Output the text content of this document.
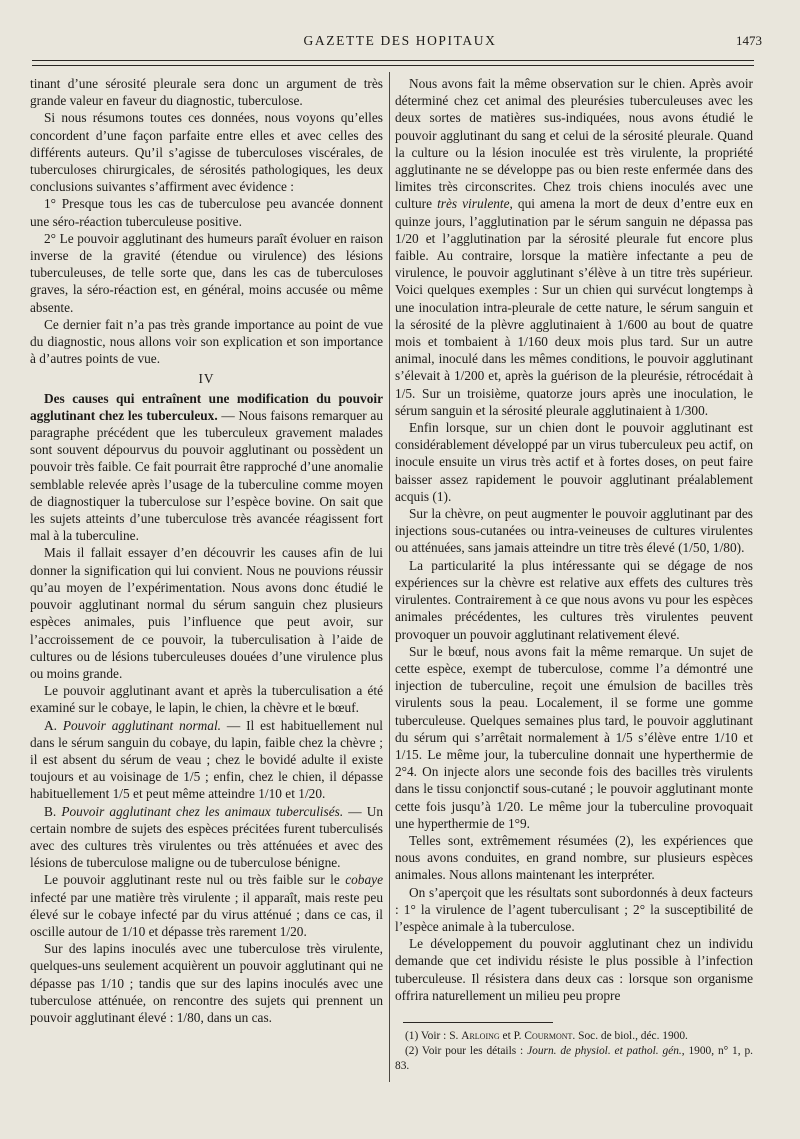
GAZETTE DES HOPITAUX	1473

tinant d’une sérosité pleurale sera donc un argument de très grande valeur en faveur du diagnostic, tuberculose.

Si nous résumons toutes ces données, nous voyons qu’elles concordent d’une façon parfaite entre elles et avec celles des différents auteurs. Qu’il s’agisse de tuberculoses viscérales, de tuberculoses chirurgicales, de sérosités pathologiques, les deux conclusions suivantes s’affirment avec évidence :

1° Presque tous les cas de tuberculose peu avancée donnent une séro-réaction tuberculeuse positive.

2° Le pouvoir agglutinant des humeurs paraît évoluer en raison inverse de la gravité (étendue ou virulence) des lésions tuberculeuses, de telle sorte que, dans les cas de tuberculoses graves, la séro-réaction est, en général, moins accusée ou même absente.

Ce dernier fait n’a pas très grande importance au point de vue du diagnostic, nous allons voir son explication et son importance à d’autres points de vue.

IV

Des causes qui entraînent une modification du pouvoir agglutinant chez les tuberculeux. — Nous faisons remarquer au paragraphe précédent que les tuberculeux gravement malades sont souvent dépourvus du pouvoir agglutinant ou possèdent un pouvoir très faible. Ce fait pourrait être rapproché d’une anomalie semblable relevée après l’usage de la tuberculine comme moyen de diagnostiquer la tuberculose sur l’espèce bovine. On sait que les sujets atteints d’une tuberculose très avancée réagissent fort mal à la tuberculine.

Mais il fallait essayer d’en découvrir les causes afin de lui donner la signification qui lui convient. Nous ne pouvions réussir qu’au moyen de l’expérimentation. Nous avons donc étudié le pouvoir agglutinant normal du sérum sanguin chez plusieurs espèces animales, puis l’influence que peut avoir, sur l’accroissement de ce pouvoir, la tuberculisation à l’aide de cultures ou de lésions tuberculeuses douées d’une virulence plus ou moins grande.

Le pouvoir agglutinant avant et après la tuberculisation a été examiné sur le cobaye, le lapin, le chien, la chèvre et le bœuf.

A. Pouvoir agglutinant normal. — Il est habituellement nul dans le sérum sanguin du cobaye, du lapin, faible chez la chèvre ; il est absent du sérum de veau ; chez le bovidé adulte il existe toujours et au voisinage de 1/5 ; enfin, chez le chien, il dépasse habituellement 1/5 et peut même atteindre 1/10 et 1/20.

B. Pouvoir agglutinant chez les animaux tuberculisés. — Un certain nombre de sujets des espèces précitées furent tuberculisés avec des cultures très virulentes ou très atténuées et avec des lésions de tuberculose maligne ou de tuberculose bénigne.

Le pouvoir agglutinant reste nul ou très faible sur le cobaye infecté par une matière très virulente ; il apparaît, mais reste peu élevé sur le cobaye infecté par du virus atténué ; dans ce cas, il oscille autour de 1/10 et dépasse très rarement 1/20.

Sur des lapins inoculés avec une tuberculose très virulente, quelques-uns seulement acquièrent un pouvoir agglutinant qui ne dépasse pas 1/10 ; tandis que sur des lapins inoculés avec une tuberculose atténuée, on rencontre des sujets qui prennent un pouvoir agglutinant élevé : 1/80, dans un cas.

Nous avons fait la même observation sur le chien. Après avoir déterminé chez cet animal des pleurésies tuberculeuses avec les deux sortes de matières sus-indiquées, nous avons étudié le pouvoir agglutinant du sang et celui de la sérosité pleurale. Quand la culture ou la lésion inoculée est très virulente, la propriété agglutinante ne se développe pas ou bien reste enfermée dans des limites très circonscrites. Chez trois chiens inoculés avec une culture très virulente, qui amena la mort de deux d’entre eux en quinze jours, l’agglutination par le sérum sanguin ne dépassa pas 1/20 et l’agglutination par la sérosité pleurale fut encore plus faible. Au contraire, lorsque la matière infectante a peu de virulence, le pouvoir agglutinant s’élève à un titre très supérieur. Voici quelques exemples : Sur un chien qui survécut longtemps à une inoculation intra-pleurale de cette nature, le sérum sanguin et la sérosité de la plèvre agglutinaient à 1/600 au bout de quatre mois et tombaient à 1/160 deux mois plus tard. Sur un autre animal, inoculé dans les mêmes conditions, le pouvoir agglutinant s’élevait à 1/200 et, après la guérison de la pleurésie, rétrocédait à 1/5. Sur un troisième, quatorze jours après une inoculation, le sérum sanguin et la sérosité pleurale agglutinaient à 1/300.

Enfin lorsque, sur un chien dont le pouvoir agglutinant est considérablement développé par un virus tuberculeux peu actif, on inocule ensuite un virus très actif et à fortes doses, on peut faire baisser assez rapidement le pouvoir agglutinant préalablement acquis (1).

Sur la chèvre, on peut augmenter le pouvoir agglutinant par des injections sous-cutanées ou intra-veineuses de cultures virulentes ou atténuées, sans jamais atteindre un titre très élevé (1/50, 1/80).

La particularité la plus intéressante qui se dégage de nos expériences sur la chèvre est relative aux effets des cultures très virulentes. Contrairement à ce que nous avons vu pour les espèces animales précédentes, les cultures très virulentes peuvent provoquer un pouvoir agglutinant relativement élevé.

Sur le bœuf, nous avons fait la même remarque. Un sujet de cette espèce, exempt de tuberculose, comme l’a démontré une injection de tuberculine, reçoit une émulsion de bacilles très virulents sous la peau. Localement, il se forme une gomme tuberculeuse. Quelques semaines plus tard, le pouvoir agglutinant du sérum qui s’arrêtait normalement à 1/5 s’élève entre 1/10 et 1/15. Le même jour, la tuberculine donnait une hyperthermie de 2°4. On injecte alors une seconde fois des bacilles très virulents dans le tissu conjonctif sous-cutané ; le pouvoir agglutinant monte cette fois jusqu’à 1/20. Le même jour la tuberculine provoquait une hyperthermie de 1°9.

Telles sont, extrêmement résumées (2), les expériences que nous avons conduites, en grand nombre, sur plusieurs espèces animales. Nous allons maintenant les interpréter.

On s’aperçoit que les résultats sont subordonnés à deux facteurs : 1° la virulence de l’agent tuberculisant ; 2° la susceptibilité de l’espèce animale à la tuberculose.

Le développement du pouvoir agglutinant chez un individu demande que cet individu résiste le plus possible à l’infection tuberculeuse. Il résistera dans deux cas : lorsque son organisme offrira naturellement un milieu peu propre

(1) Voir : S. Arloing et P. Courmont. Soc. de biol., déc. 1900.

(2) Voir pour les détails : Journ. de physiol. et pathol. gén., 1900, n° 1, p. 83.
